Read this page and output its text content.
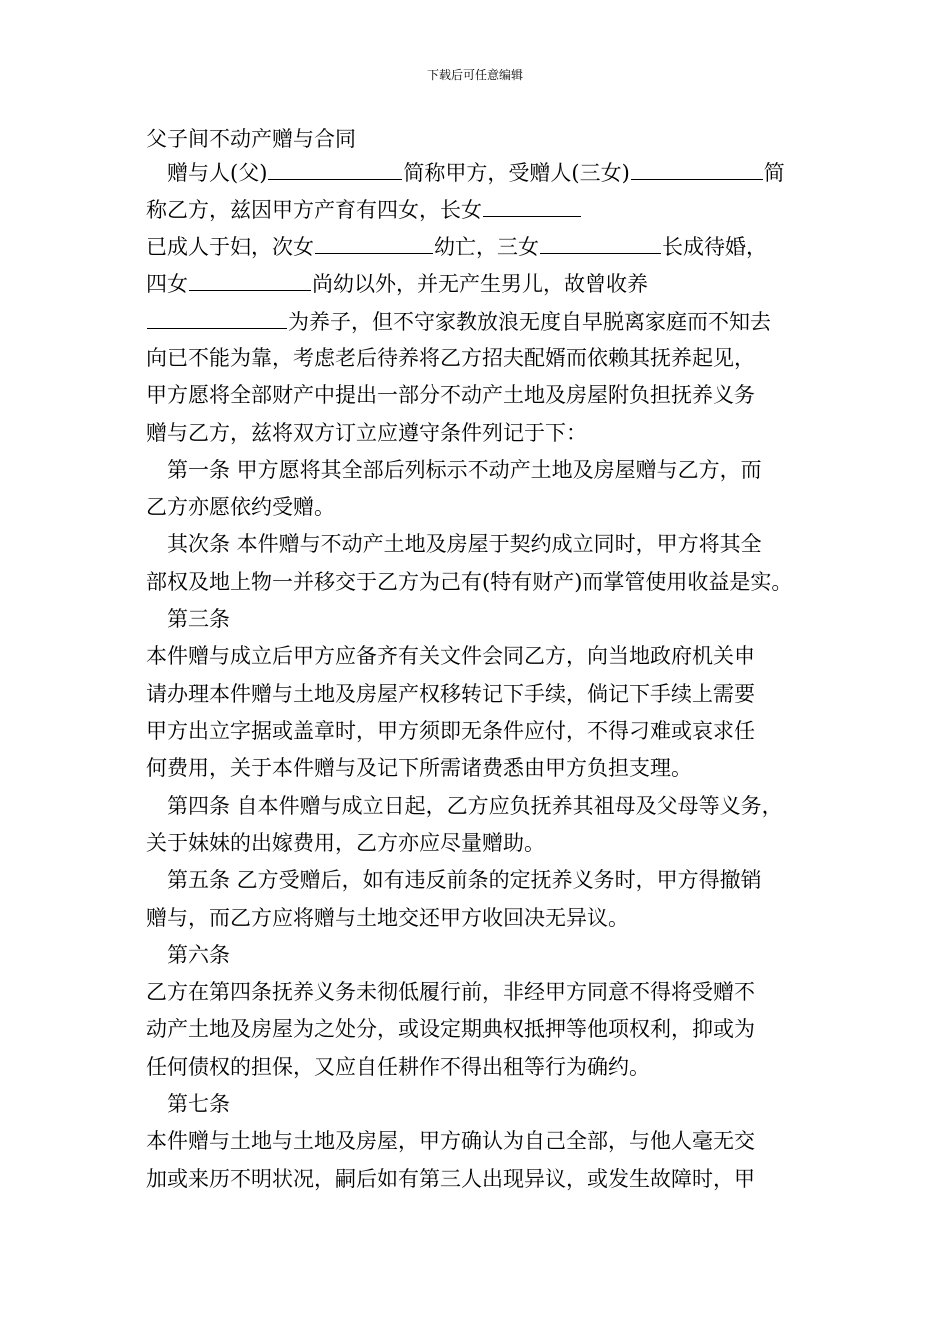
下载后可任意编辑
父子间不动产赠与合同
　赠与人(父)	简称甲方，受赠人(三女)	简
称乙方，兹因甲方产育有四女，长女
已成人于妇，次女	幼亡，三女	长成待婚，
四女	尚幼以外，并无产生男儿，故曾收养
为养子，但不守家教放浪无度自早脱离家庭而不知去
向已不能为靠，考虑老后待养将乙方招夫配婿而依赖其抚养起见，
甲方愿将全部财产中提出一部分不动产土地及房屋附负担抚养义务
赠与乙方，兹将双方订立应遵守条件列记于下：
　第一条 甲方愿将其全部后列标示不动产土地及房屋赠与乙方，而
乙方亦愿依约受赠。
　其次条 本件赠与不动产土地及房屋于契约成立同时，甲方将其全
部权及地上物一并移交于乙方为己有(特有财产)而掌管使用收益是实。
　第三条
本件赠与成立后甲方应备齐有关文件会同乙方，向当地政府机关申
请办理本件赠与土地及房屋产权移转记下手续，倘记下手续上需要
甲方出立字据或盖章时，甲方须即无条件应付，不得刁难或哀求任
何费用，关于本件赠与及记下所需诸费悉由甲方负担支理。
　第四条 自本件赠与成立日起，乙方应负抚养其祖母及父母等义务，
关于妹妹的出嫁费用，乙方亦应尽量赠助。
　第五条 乙方受赠后，如有违反前条的定抚养义务时，甲方得撤销
赠与，而乙方应将赠与土地交还甲方收回决无异议。
　第六条
乙方在第四条抚养义务未彻低履行前，非经甲方同意不得将受赠不
动产土地及房屋为之处分，或设定期典权抵押等他项权利，抑或为
任何债权的担保，又应自任耕作不得出租等行为确约。
　第七条
本件赠与土地与土地及房屋，甲方确认为自己全部，与他人毫无交
加或来历不明状况，嗣后如有第三人出现异议，或发生故障时，甲
